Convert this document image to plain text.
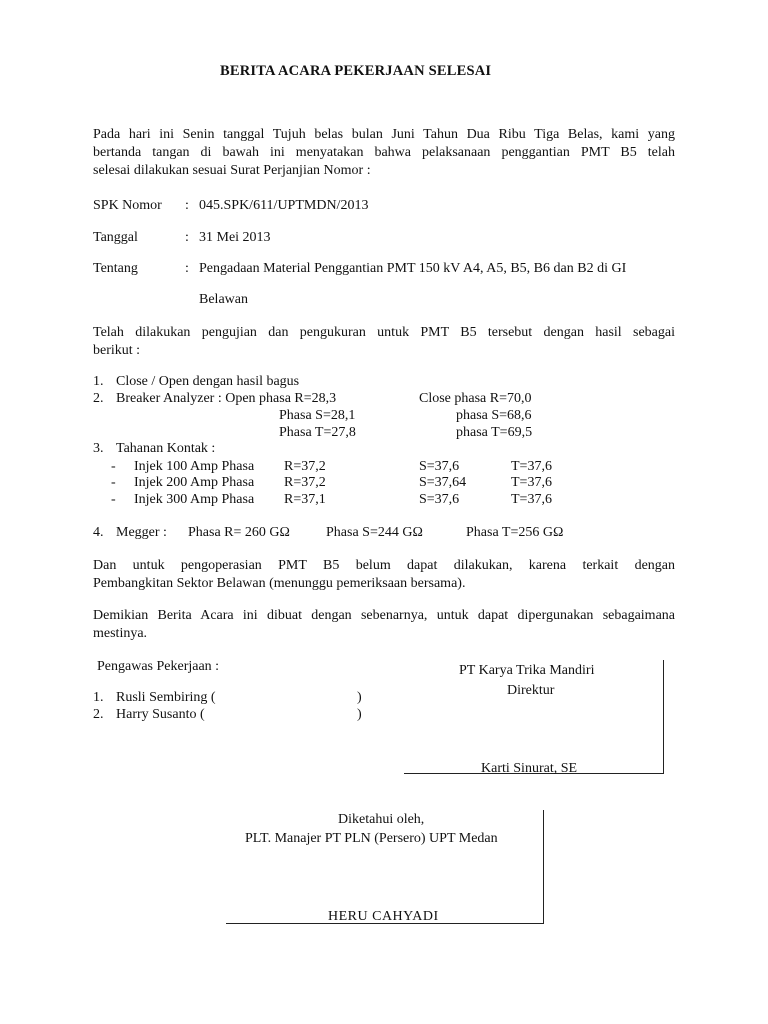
BERITA ACARA PEKERJAAN SELESAI
Pada hari ini Senin tanggal Tujuh belas bulan Juni Tahun Dua Ribu Tiga Belas, kami yang
bertanda tangan di bawah ini menyatakan bahwa pelaksanaan penggantian PMT B5 telah
selesai dilakukan sesuai Surat Perjanjian Nomor :
SPK Nomor : 045.SPK/611/UPTMDN/2013
Tanggal	: 31 Mei 2013
Tentang	: Pengadaan Material Penggantian PMT 150 kV A4, A5, B5, B6 dan B2 di GI
Belawan
Telah dilakukan pengujian dan pengukuran untuk PMT B5 tersebut dengan hasil sebagai
berikut :
1. Close / Open dengan hasil bagus
2. Breaker Analyzer : Open phasa R=28,3	Close phasa R=70,0
Phasa S=28,1	phasa S=68,6
Phasa T=27,8	phasa T=69,5
3. Tahanan Kontak :
- Injek 100 Amp Phasa R=37,2	S=37,6	T=37,6
- Injek 200 Amp Phasa R=37,2	S=37,64	T=37,6
- Injek 300 Amp Phasa R=37,1	S=37,6	T=37,6
4. Megger : Phasa R= 260 GΩ	Phasa S=244 GΩ	Phasa T=256 GΩ
Dan untuk pengoperasian PMT B5 belum dapat dilakukan, karena terkait dengan
Pembangkitan Sektor Belawan (menunggu pemeriksaan bersama).
Demikian Berita Acara ini dibuat dengan sebenarnya, untuk dapat dipergunakan sebagaimana
mestinya.
Pengawas Pekerjaan :
1. Rusli Sembiring (	)
2. Harry Susanto (	)
PT Karya Trika Mandiri
Direktur
Karti Sinurat, SE
Diketahui oleh,
PLT. Manajer PT PLN (Persero) UPT Medan
HERU CAHYADI
